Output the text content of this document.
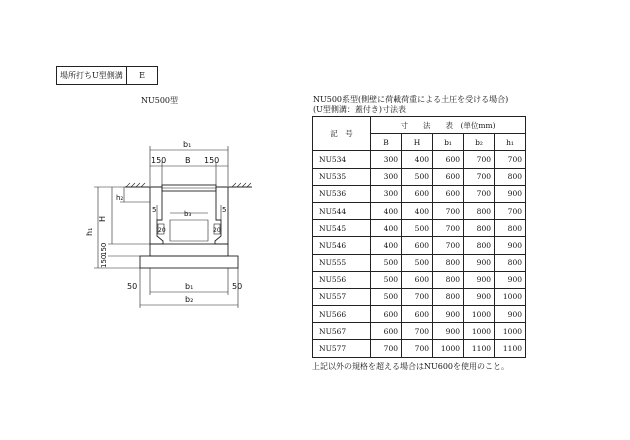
場所打ちU型側溝	E
NU500型
b₁
150 B 150
h₂
5	b₃	5
20	20
H
h₁
150
150
50	50
b₁
b₂
NU500系型(側壁に荷載荷重による土圧を受ける場合)
(U型側溝：蓋付き)寸法表
記　号	寸　　法　　表　(単位mm)				
	B	H	b₁	b₂	h₁
NU534	300	400	600	700	700
NU535	300	500	600	700	800
NU536	300	600	600	700	900
NU544	400	400	700	800	700
NU545	400	500	700	800	800
NU546	400	600	700	800	900
NU555	500	500	800	900	800
NU556	500	600	800	900	900
NU557	500	700	800	900	1000
NU566	600	600	900	1000	900
NU567	600	700	900	1000	1000
NU577	700	700	1000	1100	1100
上記以外の規格を超える場合はNU600を使用のこと。
